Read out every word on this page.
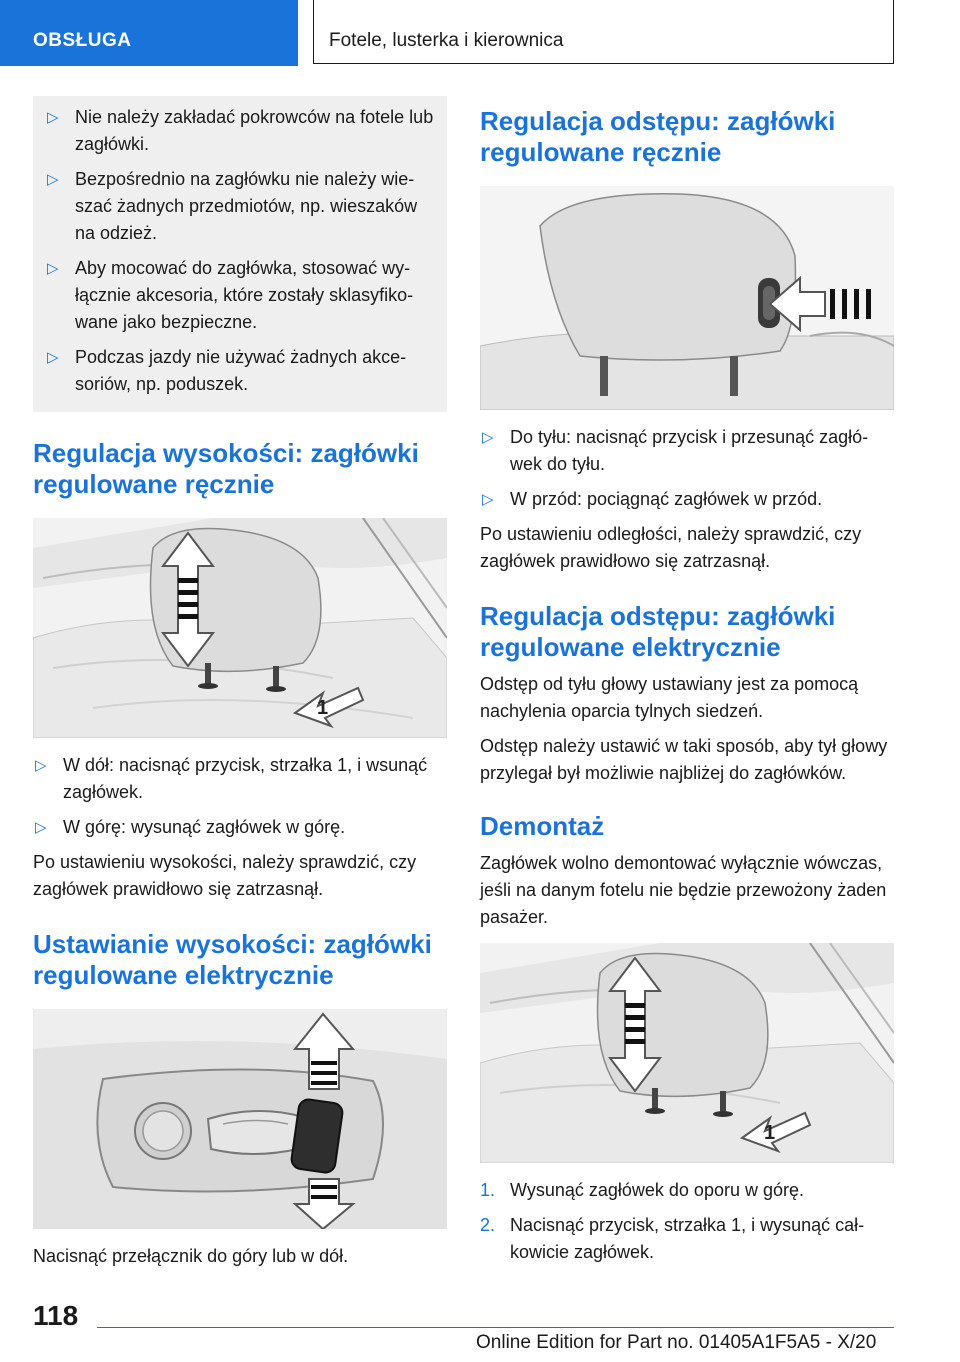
OBSŁUGA	Fotele, lusterka i kierownica
▷ Nie należy zakładać pokrowców na fotele lub zagłówki.
▷ Bezpośrednio na zagłówku nie należy wieszać żadnych przedmiotów, np. wieszaków na odzież.
▷ Aby mocować do zagłówka, stosować wyłącznie akcesoria, które zostały sklasyfikowane jako bezpieczne.
▷ Podczas jazdy nie używać żadnych akcesoriów, np. poduszek.
Regulacja wysokości: zagłówki regulowane ręcznie
1
▷ W dół: nacisnąć przycisk, strzałka 1, i wsunąć zagłówek.
▷ W górę: wysunąć zagłówek w górę.

Po ustawieniu wysokości, należy sprawdzić, czy zagłówek prawidłowo się zatrzasnął.

Ustawianie wysokości: zagłówki regulowane elektrycznie

Nacisnąć przełącznik do góry lub w dół.

Regulacja odstępu: zagłówki regulowane ręcznie
▷ Do tyłu: nacisnąć przycisk i przesunąć zagłówek do tyłu.
▷ W przód: pociągnąć zagłówek w przód.

Po ustawieniu odległości, należy sprawdzić, czy zagłówek prawidłowo się zatrzasnął.

Regulacja odstępu: zagłówki regulowane elektrycznie

Odstęp od tyłu głowy ustawiany jest za pomocą nachylenia oparcia tylnych siedzeń.

Odstęp należy ustawić w taki sposób, aby tył głowy przylegał był możliwie najbliżej do zagłówków.

Demontaż

Zagłówek wolno demontować wyłącznie wówczas, jeśli na danym fotelu nie będzie przewożony żaden pasażer.

1
1. Wysunąć zagłówek do oporu w górę.
2. Nacisnąć przycisk, strzałka 1, i wysunąć całkowicie zagłówek.
118
Online Edition for Part no. 01405A1F5A5 - X/20
